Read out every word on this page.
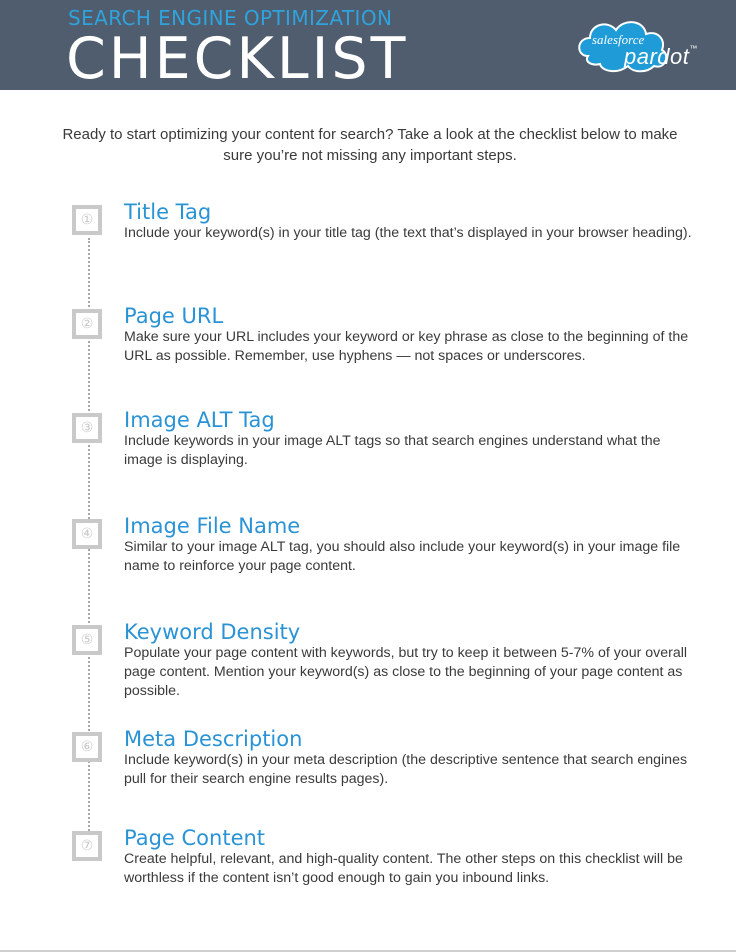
SEARCH ENGINE OPTIMIZATION
CHECKLIST	salesforce
pardot™
Ready to start optimizing your content for search? Take a look at the checklist below to make sure you’re not missing any important steps.
① Title Tag

Include your keyword(s) in your title tag (the text that’s displayed in your browser heading).

② Page URL

Make sure your URL includes your keyword or key phrase as close to the beginning of the URL as possible. Remember, use hyphens — not spaces or underscores.

③ Image ALT Tag

Include keywords in your image ALT tags so that search engines understand what the image is displaying.

④ Image File Name

Similar to your image ALT tag, you should also include your keyword(s) in your image file name to reinforce your page content.

⑤ Keyword Density

Populate your page content with keywords, but try to keep it between 5-7% of your overall page content. Mention your keyword(s) as close to the beginning of your page content as possible.

⑥ Meta Description

Include keyword(s) in your meta description (the descriptive sentence that search engines pull for their search engine results pages).

⑦ Page Content

Create helpful, relevant, and high-quality content. The other steps on this checklist will be worthless if the content isn’t good enough to gain you inbound links.
